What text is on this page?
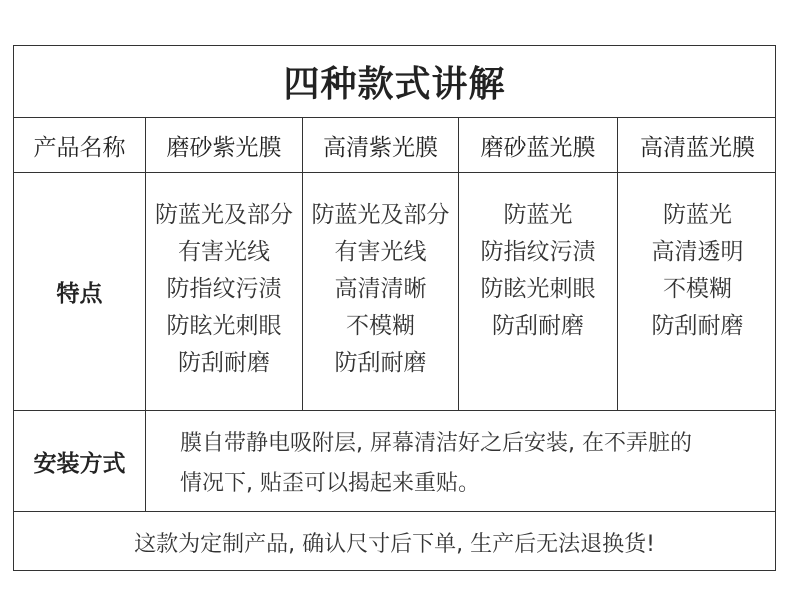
四种款式讲解
产品名称 磨砂紫光膜 高清紫光膜 磨砂蓝光膜 高清蓝光膜
特点
防蓝光及部分
有害光线
防指纹污渍
防眩光刺眼
防刮耐磨
防蓝光及部分
有害光线
高清清晰
不模糊
防刮耐磨
防蓝光
防指纹污渍
防眩光刺眼
防刮耐磨
防蓝光
高清透明
不模糊
防刮耐磨
安装方式
膜自带静电吸附层, 屏幕清洁好之后安装, 在不弄脏的
情况下, 贴歪可以揭起来重贴。
这款为定制产品, 确认尺寸后下单, 生产后无法退换货!
